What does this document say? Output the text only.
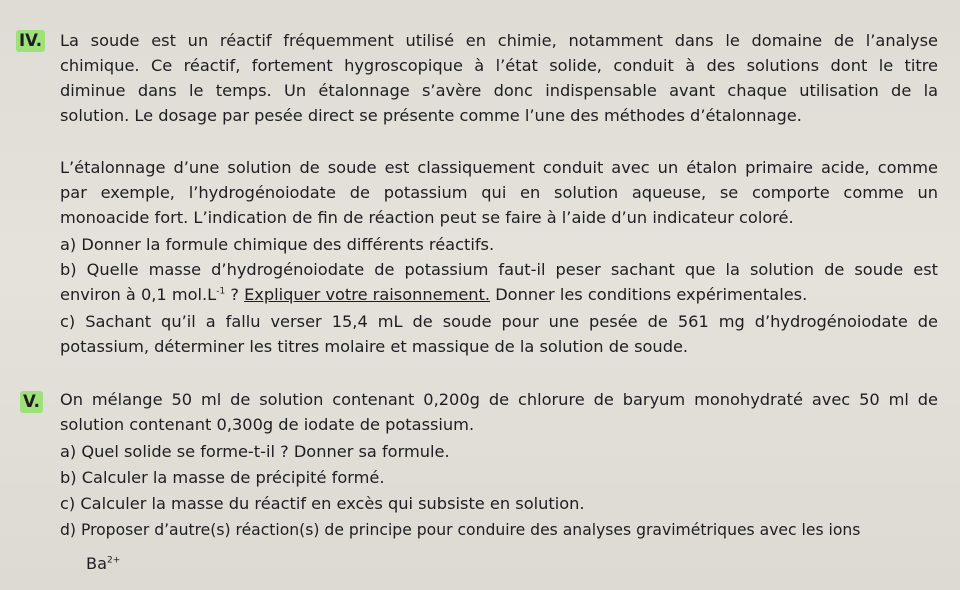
IV. La soude est un réactif fréquemment utilisé en chimie, notamment dans le domaine de l’analyse
chimique. Ce réactif, fortement hygroscopique à l’état solide, conduit à des solutions dont le titre
diminue dans le temps. Un étalonnage s’avère donc indispensable avant chaque utilisation de la
solution. Le dosage par pesée direct se présente comme l’une des méthodes d’étalonnage.
L’étalonnage d’une solution de soude est classiquement conduit avec un étalon primaire acide, comme
par exemple, l’hydrogénoiodate de potassium qui en solution aqueuse, se comporte comme un
monoacide fort. L’indication de fin de réaction peut se faire à l’aide d’un indicateur coloré.
a) Donner la formule chimique des différents réactifs.
b) Quelle masse d’hydrogénoiodate de potassium faut-il peser sachant que la solution de soude est
environ à 0,1 $mol.L^{-1}$ ? Expliquer votre raisonnement. Donner les conditions expérimentales.
c) Sachant qu’il a fallu verser 15,4 mL de soude pour une pesée de 561 mg d’hydrogénoiodate de
potassium, déterminer les titres molaire et massique de la solution de soude.
V. On mélange 50 ml de solution contenant 0,200g de chlorure de baryum monohydraté avec 50 ml de
solution contenant 0,300g de iodate de potassium.
a) Quel solide se forme-t-il ? Donner sa formule.
b) Calculer la masse de précipité formé.
c) Calculer la masse du réactif en excès qui subsiste en solution.
d) Proposer d’autre(s) réaction(s) de principe pour conduire des analyses gravimétriques avec les ions
$Ba^{2+}$
